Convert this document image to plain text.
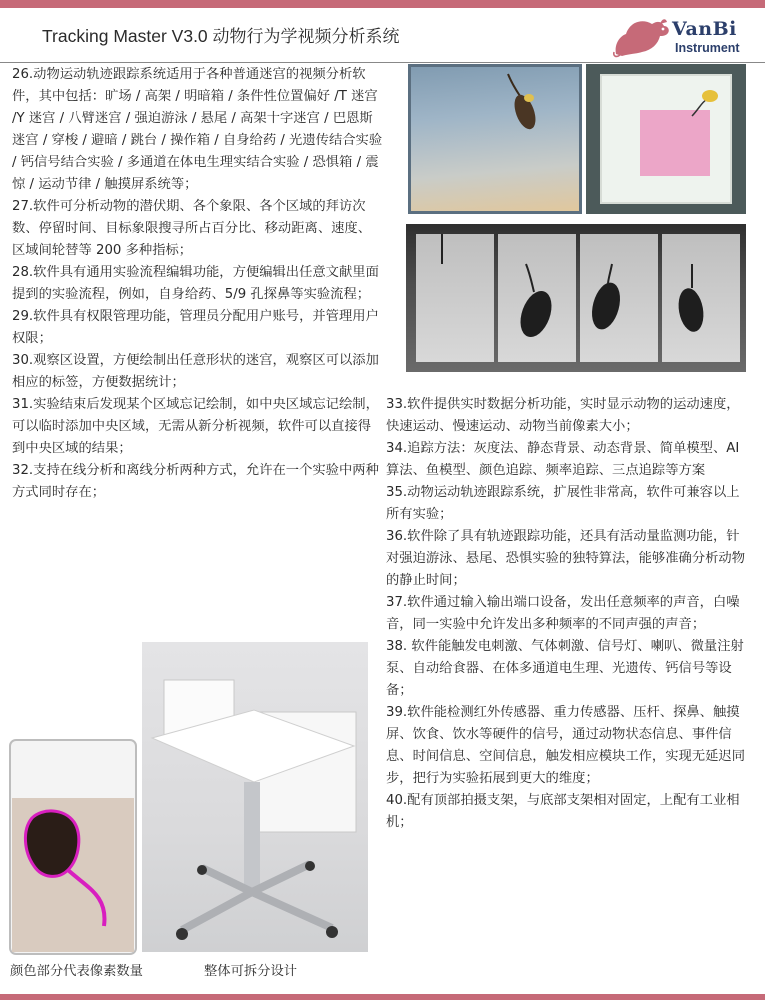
Tracking Master V3.0 动物行为学视频分析系统	VanBi
Instrument

26.动物运动轨迹跟踪系统适用于各种普通迷宫的视频分析软件，其中包括：旷场 / 高架 / 明暗箱 / 条件性位置偏好 /T 迷宫 /Y 迷宫 / 八臂迷宫 / 强迫游泳 / 悬尾 / 高架十字迷宫 / 巴恩斯迷宫 / 穿梭 / 避暗 / 跳台 / 操作箱 / 自身给药 / 光遗传结合实验 / 钙信号结合实验 / 多通道在体电生理实结合实验 / 恐惧箱 / 震惊 / 运动节律 / 触摸屏系统等；

27.软件可分析动物的潜伏期、各个象限、各个区域的拜访次数、停留时间、目标象限搜寻所占百分比、移动距离、速度、区域间轮替等 200 多种指标；

28.软件具有通用实验流程编辑功能，方便编辑出任意文献里面提到的实验流程，例如，自身给药、5/9 孔探鼻等实验流程；

29.软件具有权限管理功能，管理员分配用户账号，并管理用户权限；

30.观察区设置，方便绘制出任意形状的迷宫，观察区可以添加相应的标签，方便数据统计；

31.实验结束后发现某个区域忘记绘制，如中央区域忘记绘制，可以临时添加中央区域，无需从新分析视频，软件可以直接得到中央区域的结果；

32.支持在线分析和离线分析两种方式，允许在一个实验中两种方式同时存在；

33.软件提供实时数据分析功能，实时显示动物的运动速度，快速运动、慢速运动、动物当前像素大小；

34.追踪方法：灰度法、静态背景、动态背景、简单模型、AI 算法、鱼模型、颜色追踪、频率追踪、三点追踪等方案

35.动物运动轨迹跟踪系统，扩展性非常高，软件可兼容以上所有实验；

36.软件除了具有轨迹跟踪功能，还具有活动量监测功能，针对强迫游泳、悬尾、恐惧实验的独特算法，能够准确分析动物的静止时间；

37.软件通过输入输出端口设备，发出任意频率的声音，白噪音，同一实验中允许发出多种频率的不同声强的声音；

38. 软件能触发电刺激、气体刺激、信号灯、喇叭、微量注射泵、自动给食器、在体多通道电生理、光遗传、钙信号等设备；

39.软件能检测红外传感器、重力传感器、压杆、探鼻、触摸屏、饮食、饮水等硬件的信号，通过动物状态信息、事件信息、时间信息、空间信息，触发相应模块工作，实现无延迟同步，把行为实验拓展到更大的维度；

40.配有顶部拍摄支架，与底部支架相对固定，上配有工业相机；

颜色部分代表像素数量	整体可拆分设计
